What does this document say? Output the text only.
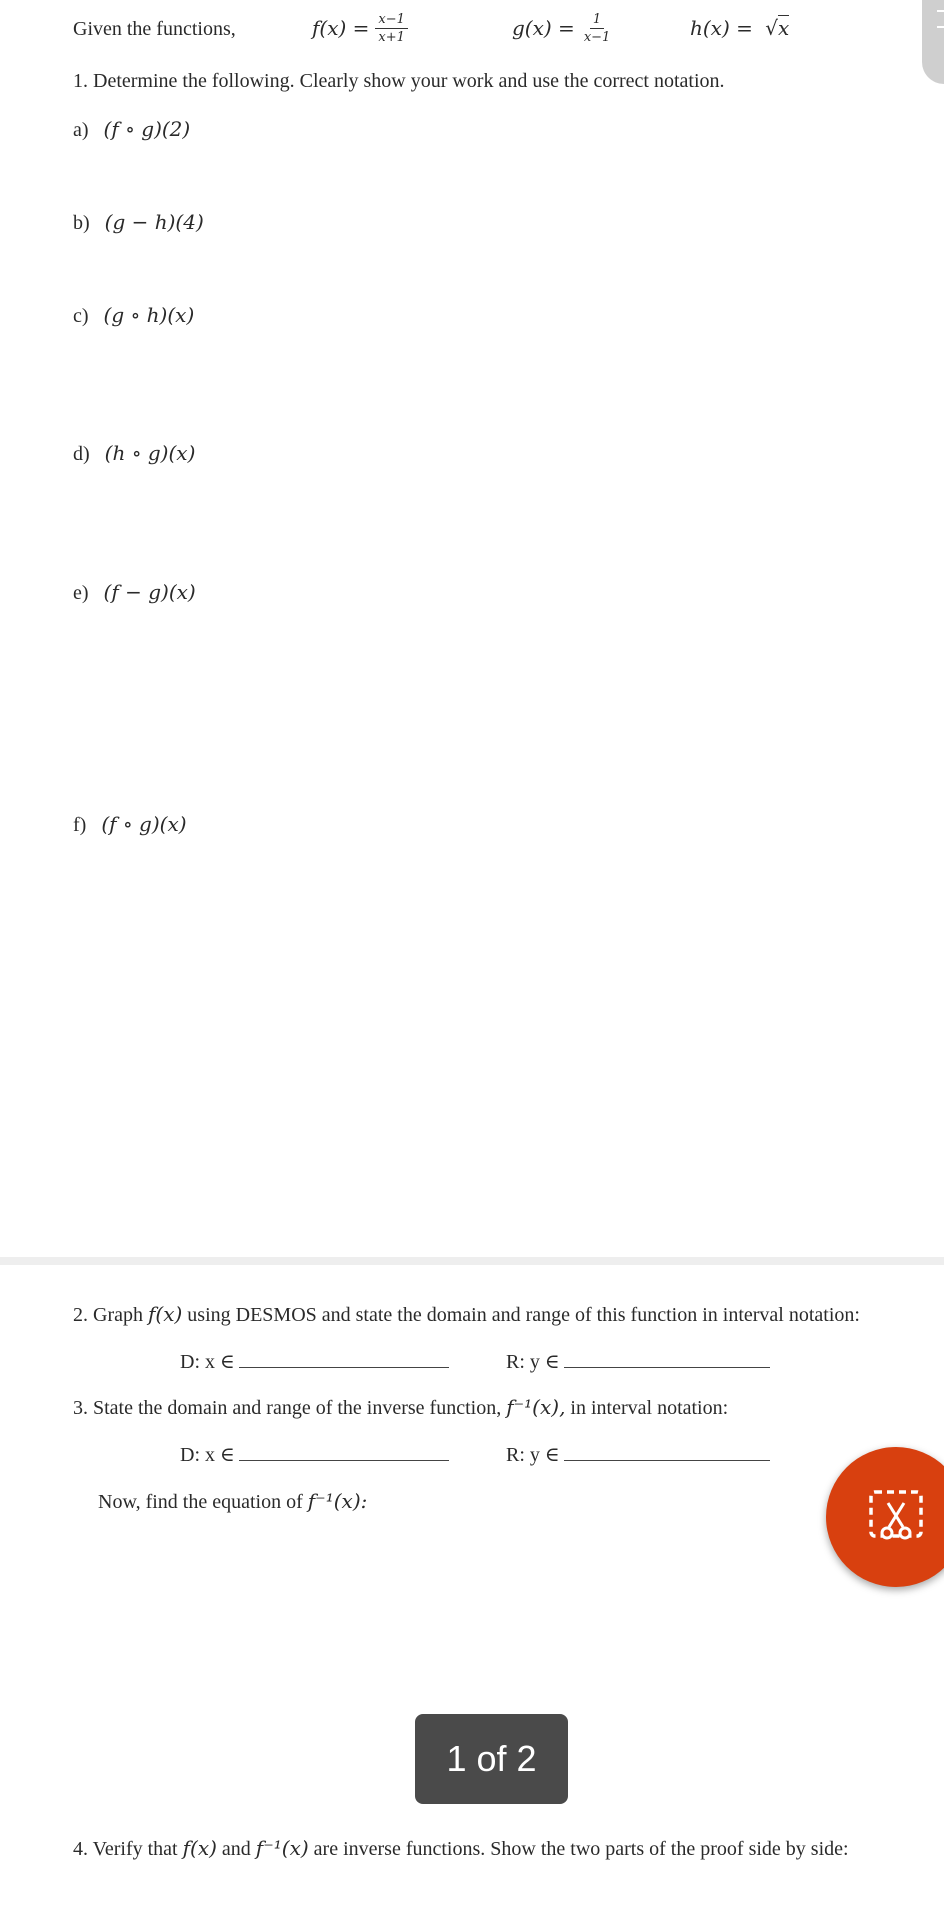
Given the functions,	$f(x) = \frac{x-1}{x+1}$	$g(x) = \frac{1}{x-1}$	h(x) = √x
1. Determine the following. Clearly show your work and use the correct notation.
a) (f ∘ g)(2)
b) (g − h)(4)
c) (g ∘ h)(x)
d) (h ∘ g)(x)
e) (f − g)(x)
f) (f ∘ g)(x)
2. Graph f(x) using DESMOS and state the domain and range of this function in interval notation:
D: x ∈	R: y ∈
3. State the domain and range of the inverse function, f⁻¹(x), in interval notation:
D: x ∈	R: y ∈
Now, find the equation of f⁻¹(x):
1 of 2
4. Verify that f(x) and f⁻¹(x) are inverse functions. Show the two parts of the proof side by side:
